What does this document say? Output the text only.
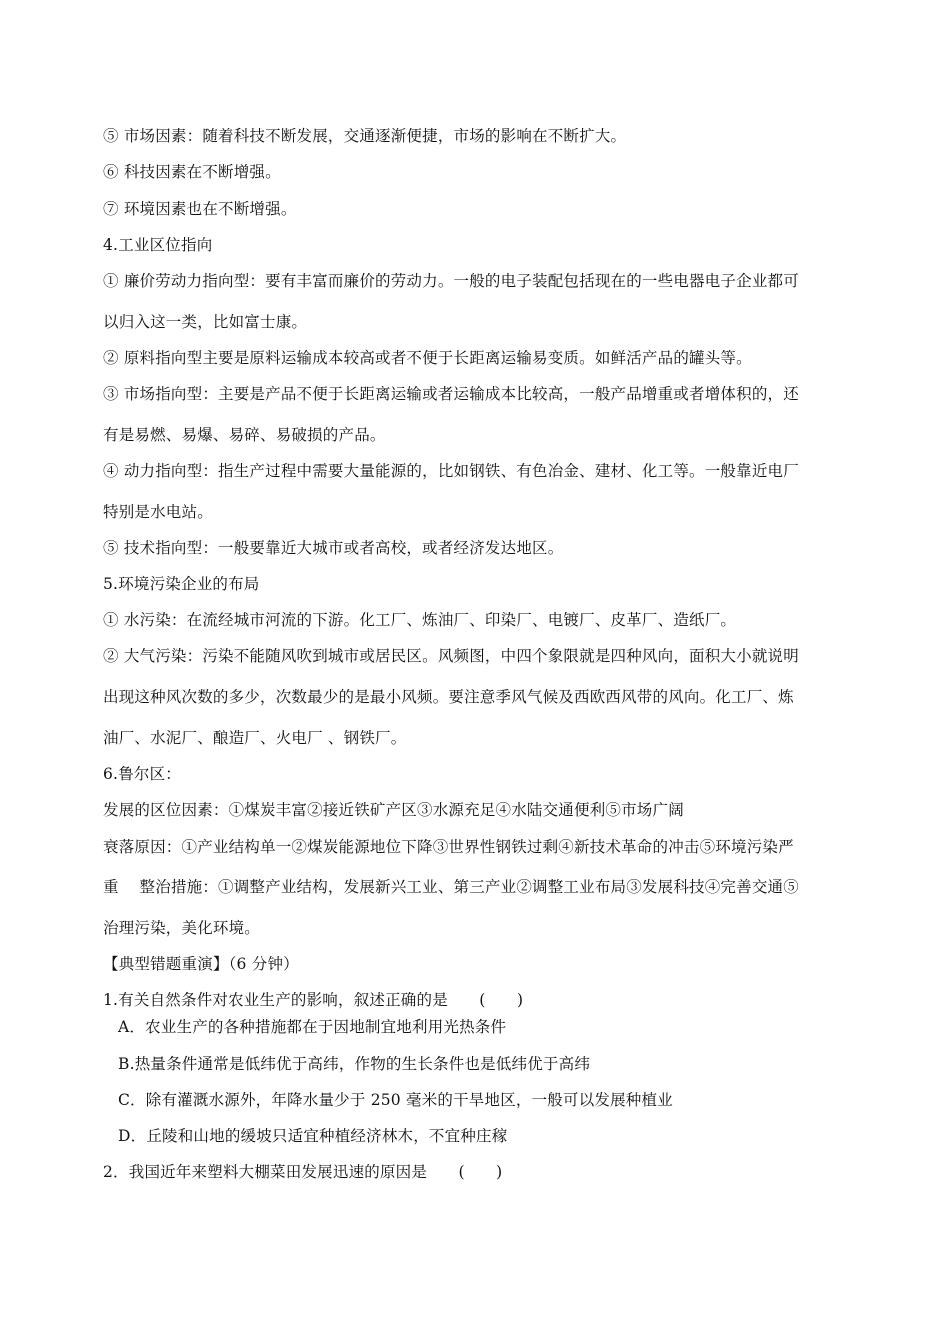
⑤ 市场因素：随着科技不断发展，交通逐渐便捷，市场的影响在不断扩大。
⑥ 科技因素在不断增强。
⑦ 环境因素也在不断增强。
4.工业区位指向
① 廉价劳动力指向型：要有丰富而廉价的劳动力。一般的电子装配包括现在的一些电器电子企业都可
以归入这一类，比如富士康。
② 原料指向型主要是原料运输成本较高或者不便于长距离运输易变质。如鲜活产品的罐头等。
③ 市场指向型：主要是产品不便于长距离运输或者运输成本比较高，一般产品增重或者增体积的，还
有是易燃、易爆、易碎、易破损的产品。
④ 动力指向型：指生产过程中需要大量能源的，比如钢铁、有色冶金、建材、化工等。一般靠近电厂
特别是水电站。
⑤ 技术指向型：一般要靠近大城市或者高校，或者经济发达地区。
5.环境污染企业的布局
① 水污染：在流经城市河流的下游。化工厂、炼油厂、印染厂、电镀厂、皮革厂、造纸厂。
② 大气污染：污染不能随风吹到城市或居民区。风频图，中四个象限就是四种风向，面积大小就说明
出现这种风次数的多少，次数最少的是最小风频。要注意季风气候及西欧西风带的风向。化工厂、炼
油厂、水泥厂、酿造厂、火电厂 、钢铁厂。
6.鲁尔区：
发展的区位因素：①煤炭丰富②接近铁矿产区③水源充足④水陆交通便利⑤市场广阔
衰落原因：①产业结构单一②煤炭能源地位下降③世界性钢铁过剩④新技术革命的冲击⑤环境污染严
重　 整治措施：①调整产业结构，发展新兴工业、第三产业②调整工业布局③发展科技④完善交通⑤
治理污染，美化环境。
【典型错题重演】（6 分钟）
1.有关自然条件对农业生产的影响，叙述正确的是　　(　　)
A．农业生产的各种措施都在于因地制宜地利用光热条件
B.热量条件通常是低纬优于高纬，作物的生长条件也是低纬优于高纬
C．除有灌溉水源外，年降水量少于 250 毫米的干旱地区，一般可以发展种植业
D．丘陵和山地的缓坡只适宜种植经济林木，不宜种庄稼
2．我国近年来塑料大棚菜田发展迅速的原因是　　(　　)
